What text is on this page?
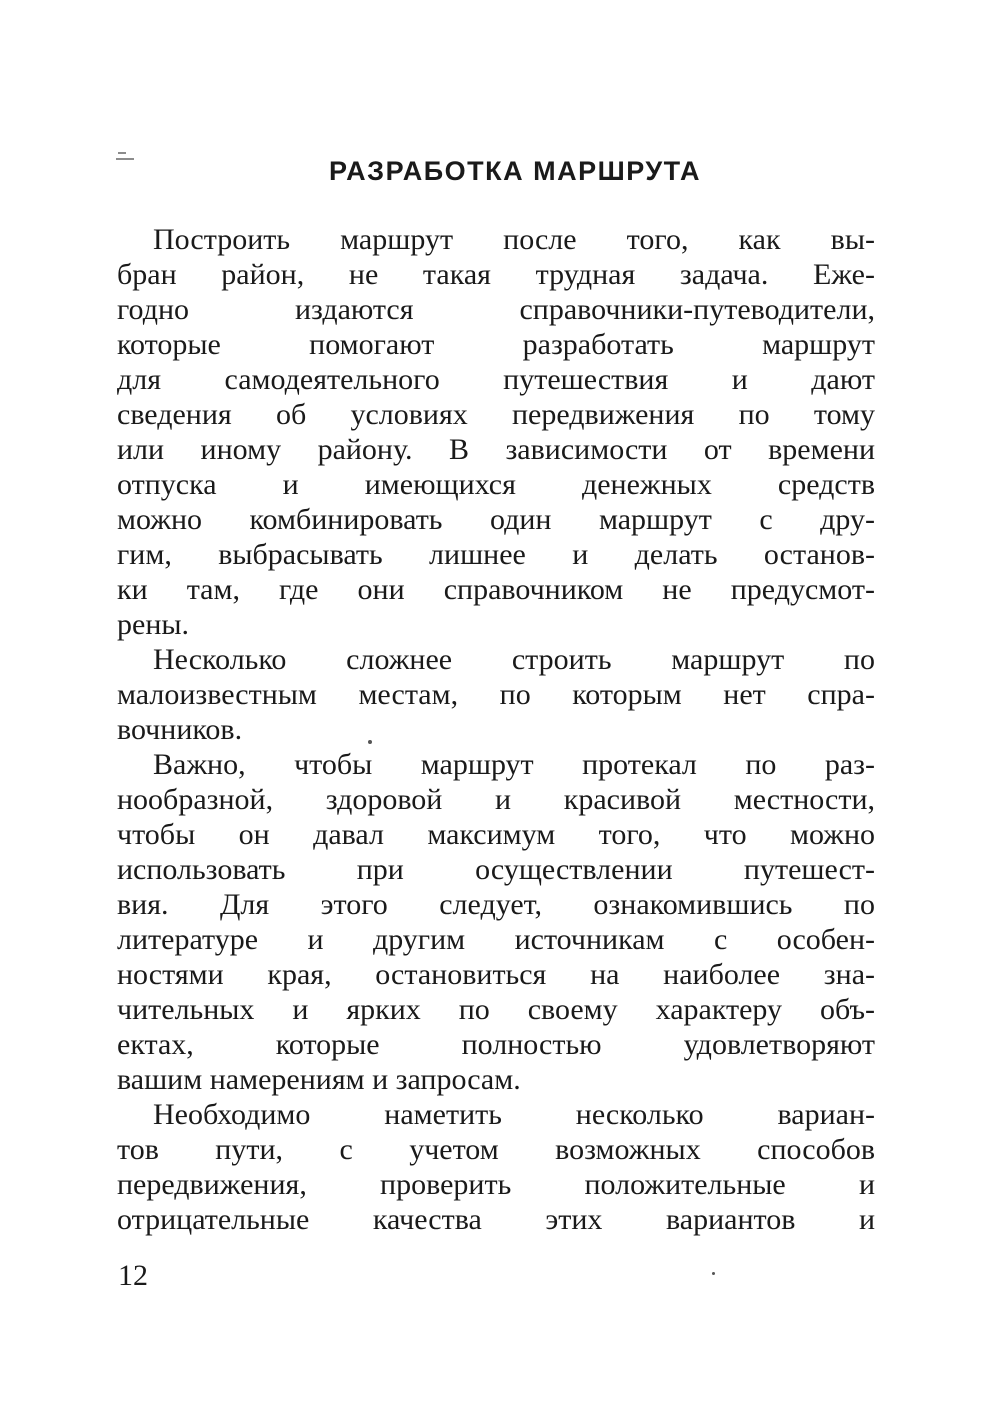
РАЗРАБОТКА МАРШРУТА

Построить маршрут после того, как вы-
бран район, не такая трудная задача. Еже-
годно издаются справочники-путеводители,
которые помогают разработать маршрут
для самодеятельного путешествия и дают
сведения об условиях передвижения по тому
или иному району. В зависимости от времени
отпуска и имеющихся денежных средств
можно комбинировать один маршрут с дру-
гим, выбрасывать лишнее и делать останов-
ки там, где они справочником не предусмот-
рены.

Несколько сложнее строить маршрут по
малоизвестным местам, по которым нет спра-
вочников.

Важно, чтобы маршрут протекал по раз-
нообразной, здоровой и красивой местности,
чтобы он давал максимум того, что можно
использовать при осуществлении путешест-
вия. Для этого следует, ознакомившись по
литературе и другим источникам с особен-
ностями края, остановиться на наиболее зна-
чительных и ярких по своему характеру объ-
ектах, которые полностью удовлетворяют
вашим намерениям и запросам.

Необходимо наметить несколько вариан-
тов пути, с учетом возможных способов
передвижения, проверить положительные и
отрицательные качества этих вариантов и

12
